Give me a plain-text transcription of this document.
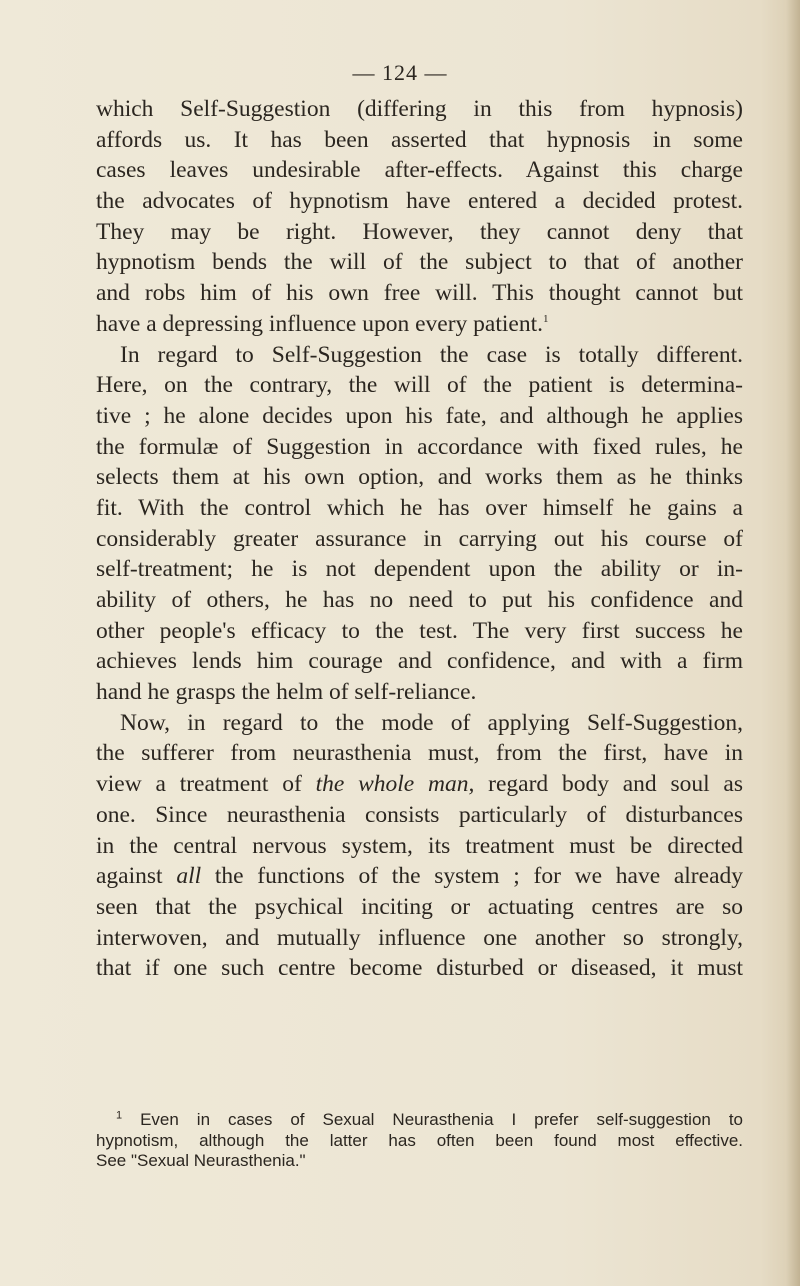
— 124 —
which Self-Suggestion (differing in this from hypnosis)
affords us. It has been asserted that hypnosis in some
cases leaves undesirable after-effects. Against this charge
the advocates of hypnotism have entered a decided protest.
They may be right. However, they cannot deny that
hypnotism bends the will of the subject to that of another
and robs him of his own free will. This thought cannot but
have a depressing influence upon every patient.$^1$
In regard to Self-Suggestion the case is totally different.
Here, on the contrary, the will of the patient is determina-
tive ; he alone decides upon his fate, and although he applies
the formulæ of Suggestion in accordance with fixed rules, he
selects them at his own option, and works them as he thinks
fit. With the control which he has over himself he gains a
considerably greater assurance in carrying out his course of
self-treatment; he is not dependent upon the ability or in-
ability of others, he has no need to put his confidence and
other people's efficacy to the test. The very first success he
achieves lends him courage and confidence, and with a firm
hand he grasps the helm of self-reliance.
Now, in regard to the mode of applying Self-Suggestion,
the sufferer from neurasthenia must, from the first, have in
view a treatment of the whole man, regard body and soul as
one. Since neurasthenia consists particularly of disturbances
in the central nervous system, its treatment must be directed
against all the functions of the system ; for we have already
seen that the psychical inciting or actuating centres are so
interwoven, and mutually influence one another so strongly,
that if one such centre become disturbed or diseased, it must
$^1$ Even in cases of Sexual Neurasthenia I prefer self-suggestion to
hypnotism, although the latter has often been found most effective.
See "Sexual Neurasthenia."
